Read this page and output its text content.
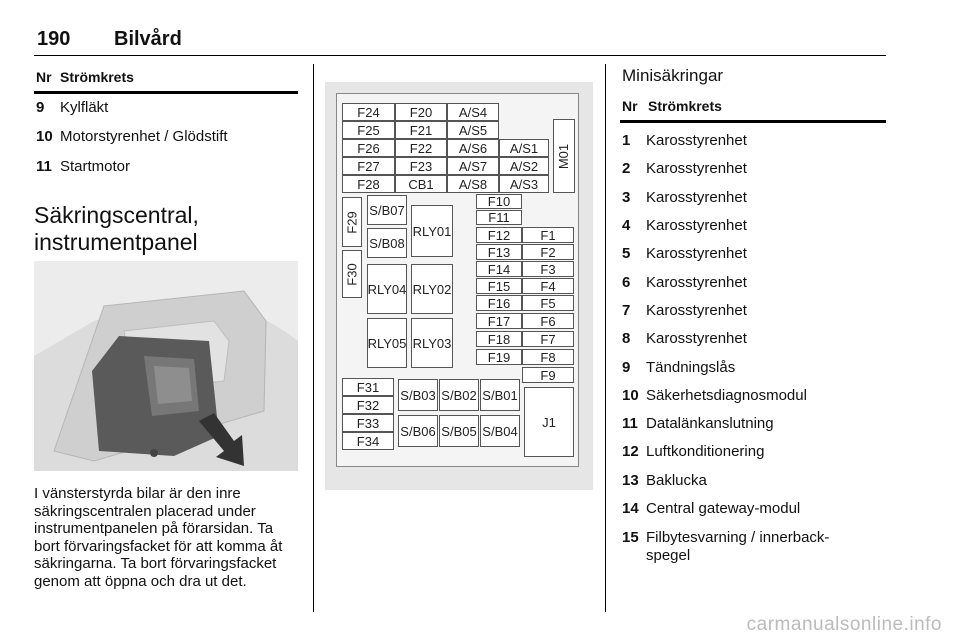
190 Bilvård
Nr Strömkrets
9 Kylfläkt
10 Motorstyrenhet / Glödstift
11 Startmotor
Säkringscentral,
instrumentpanel
I vänsterstyrda bilar är den inre
säkringscentralen placerad under
instrumentpanelen på förarsidan. Ta
bort förvaringsfacket för att komma åt
säkringarna. Ta bort förvaringsfacket
genom att öppna och dra ut det.
F24 F20 A/S4
F25 F21 A/S5
F26 F22 A/S6 A/S1
F27 F23 A/S7 A/S2
F28 CB1 A/S8 A/S3
M01
F29
S/B07
S/B08
RLY01
F30
F10
F11
F12 F1
F13 F2
RLY04 RLY02
F14 F3
F15 F4
F16 F5
RLY05 RLY03
F17 F6
F18 F7
F19 F8
F9
F31
F32
F33
F34
S/B03 S/B02 S/B01
S/B06 S/B05 S/B04
J1
Minisäkringar
Nr Strömkrets
1 Karosstyrenhet
2 Karosstyrenhet
3 Karosstyrenhet
4 Karosstyrenhet
5 Karosstyrenhet
6 Karosstyrenhet
7 Karosstyrenhet
8 Karosstyrenhet
9 Tändningslås
10 Säkerhetsdiagnosmodul
11 Datalänkanslutning
12 Luftkonditionering
13 Baklucka
14 Central gateway-modul
15 Filbytesvarning / innerback-
spegel
carmanualsonline.info
